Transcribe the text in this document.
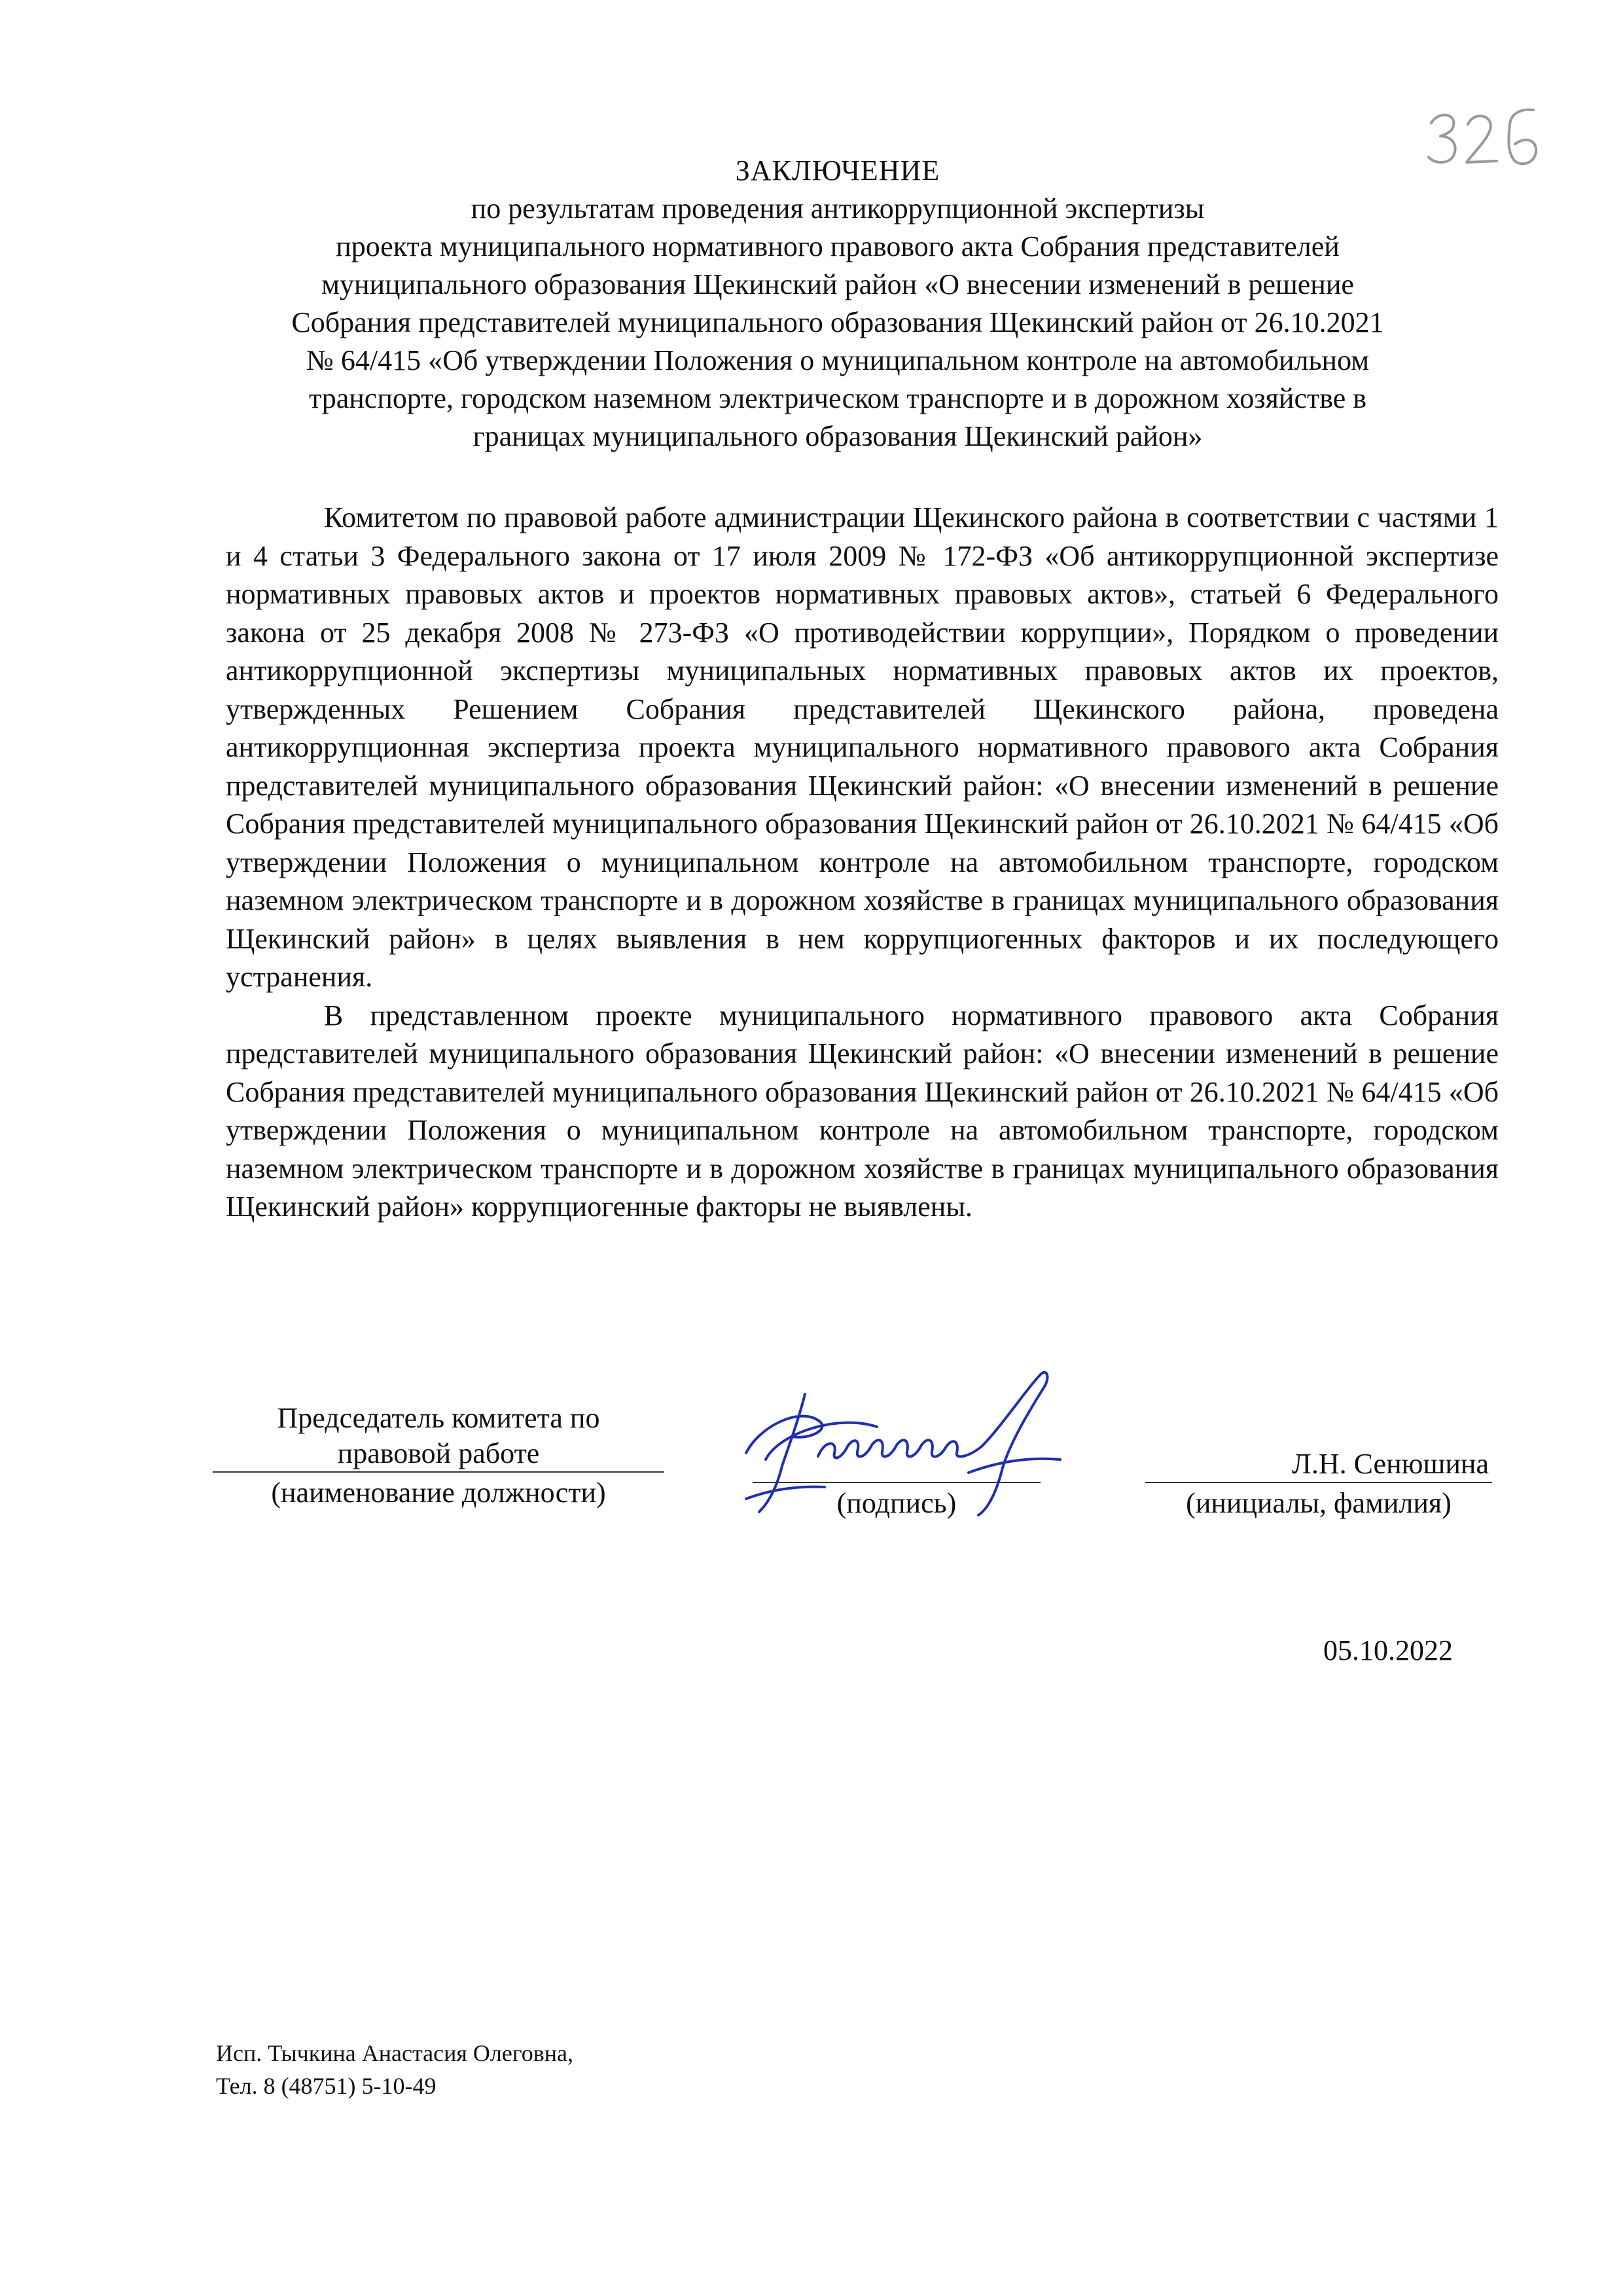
ЗАКЛЮЧЕНИЕ
по результатам проведения антикоррупционной экспертизы
проекта муниципального нормативного правового акта Собрания представителей
муниципального образования Щекинский район «О внесении изменений в решение
Собрания представителей муниципального образования Щекинский район от 26.10.2021
№ 64/415 «Об утверждении Положения о муниципальном контроле на автомобильном
транспорте, городском наземном электрическом транспорте и в дорожном хозяйстве в
границах муниципального образования Щекинский район»

Комитетом по правовой работе администрации Щекинского района в соответствии с частями 1 и 4 статьи 3 Федерального закона от 17 июля 2009 № 172-ФЗ «Об антикоррупционной экспертизе нормативных правовых актов и проектов нормативных правовых актов», статьей 6 Федерального закона от 25 декабря 2008 № 273-ФЗ «О противодействии коррупции», Порядком о проведении антикоррупционной экспертизы муниципальных нормативных правовых актов их проектов, утвержденных Решением Собрания представителей Щекинского района, проведена антикоррупционная экспертиза проекта муниципального нормативного правового акта Собрания представителей муниципального образования Щекинский район: «О внесении изменений в решение Собрания представителей муниципального образования Щекинский район от 26.10.2021 № 64/415 «Об утверждении Положения о муниципальном контроле на автомобильном транспорте, городском наземном электрическом транспорте и в дорожном хозяйстве в границах муниципального образования Щекинский район» в целях выявления в нем коррупциогенных факторов и их последующего устранения.

В представленном проекте муниципального нормативного правового акта Собрания представителей муниципального образования Щекинский район: «О внесении изменений в решение Собрания представителей муниципального образования Щекинский район от 26.10.2021 № 64/415 «Об утверждении Положения о муниципальном контроле на автомобильном транспорте, городском наземном электрическом транспорте и в дорожном хозяйстве в границах муниципального образования Щекинский район» коррупциогенные факторы не выявлены.

Председатель комитета по
правовой работе
(наименование должности)
	(подпись)
Л.Н. Сенюшина
(инициалы, фамилия)
05.10.2022
Исп. Тычкина Анастасия Олеговна,
Тел. 8 (48751) 5-10-49
